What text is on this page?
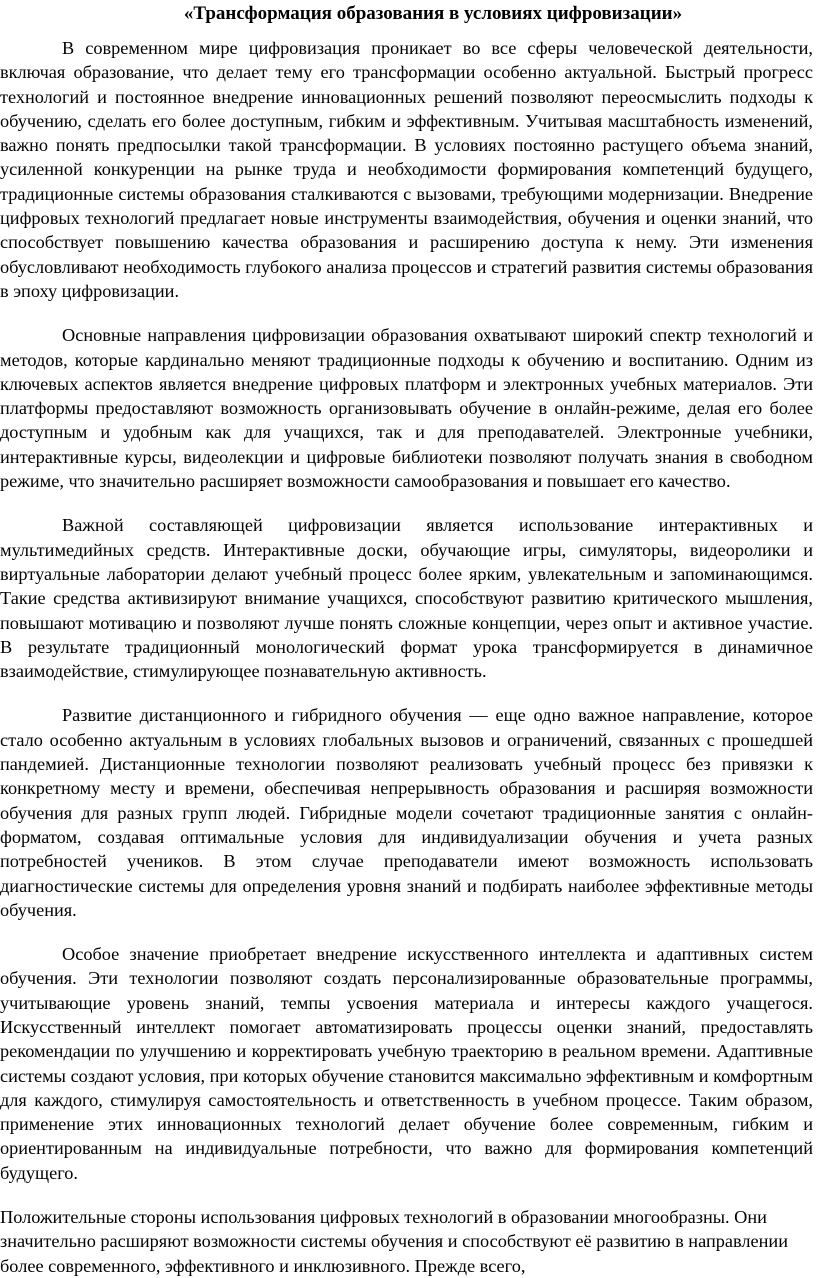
«Трансформация образования в условиях цифровизации»

В современном мире цифровизация проникает во все сферы человеческой деятельности, включая образование, что делает тему его трансформации особенно актуальной. Быстрый прогресс технологий и постоянное внедрение инновационных решений позволяют переосмыслить подходы к обучению, сделать его более доступным, гибким и эффективным. Учитывая масштабность изменений, важно понять предпосылки такой трансформации. В условиях постоянно растущего объема знаний, усиленной конкуренции на рынке труда и необходимости формирования компетенций будущего, традиционные системы образования сталкиваются с вызовами, требующими модернизации. Внедрение цифровых технологий предлагает новые инструменты взаимодействия, обучения и оценки знаний, что способствует повышению качества образования и расширению доступа к нему. Эти изменения обусловливают необходимость глубокого анализа процессов и стратегий развития системы образования в эпоху цифровизации.

Основные направления цифровизации образования охватывают широкий спектр технологий и методов, которые кардинально меняют традиционные подходы к обучению и воспитанию. Одним из ключевых аспектов является внедрение цифровых платформ и электронных учебных материалов. Эти платформы предоставляют возможность организовывать обучение в онлайн-режиме, делая его более доступным и удобным как для учащихся, так и для преподавателей. Электронные учебники, интерактивные курсы, видеолекции и цифровые библиотеки позволяют получать знания в свободном режиме, что значительно расширяет возможности самообразования и повышает его качество.

Важной составляющей цифровизации является использование интерактивных и мультимедийных средств. Интерактивные доски, обучающие игры, симуляторы, видеоролики и виртуальные лаборатории делают учебный процесс более ярким, увлекательным и запоминающимся. Такие средства активизируют внимание учащихся, способствуют развитию критического мышления, повышают мотивацию и позволяют лучше понять сложные концепции, через опыт и активное участие. В результате традиционный монологический формат урока трансформируется в динамичное взаимодействие, стимулирующее познавательную активность.

Развитие дистанционного и гибридного обучения — еще одно важное направление, которое стало особенно актуальным в условиях глобальных вызовов и ограничений, связанных с прошедшей пандемией. Дистанционные технологии позволяют реализовать учебный процесс без привязки к конкретному месту и времени, обеспечивая непрерывность образования и расширяя возможности обучения для разных групп людей. Гибридные модели сочетают традиционные занятия с онлайн-форматом, создавая оптимальные условия для индивидуализации обучения и учета разных потребностей учеников. В этом случае преподаватели имеют возможность использовать диагностические системы для определения уровня знаний и подбирать наиболее эффективные методы обучения.

Особое значение приобретает внедрение искусственного интеллекта и адаптивных систем обучения. Эти технологии позволяют создать персонализированные образовательные программы, учитывающие уровень знаний, темпы усвоения материала и интересы каждого учащегося. Искусственный интеллект помогает автоматизировать процессы оценки знаний, предоставлять рекомендации по улучшению и корректировать учебную траекторию в реальном времени. Адаптивные системы создают условия, при которых обучение становится максимально эффективным и комфортным для каждого, стимулируя самостоятельность и ответственность в учебном процессе. Таким образом, применение этих инновационных технологий делает обучение более современным, гибким и ориентированным на индивидуальные потребности, что важно для формирования компетенций будущего.

Положительные стороны использования цифровых технологий в образовании многообразны. Они значительно расширяют возможности системы обучения и способствуют её развитию в направлении более современного, эффективного и инклюзивного. Прежде всего,
